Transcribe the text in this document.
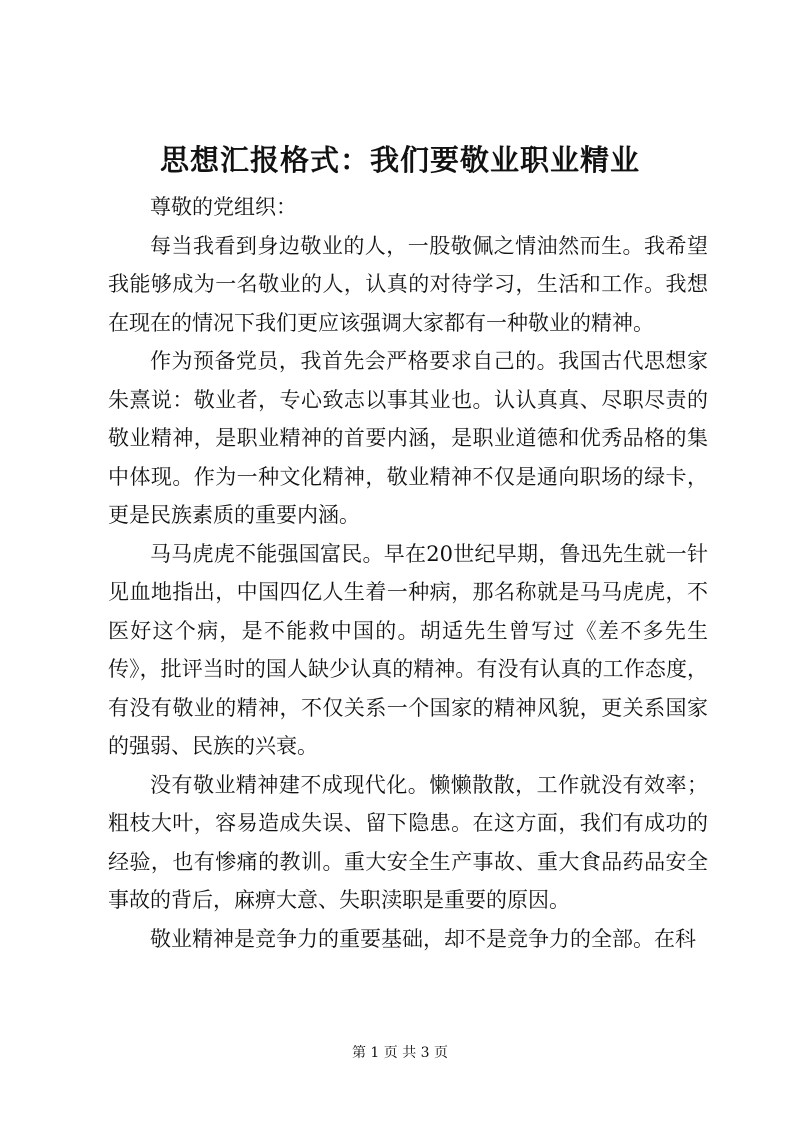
思想汇报格式：我们要敬业职业精业

尊敬的党组织：

每当我看到身边敬业的人，一股敬佩之情油然而生。我希望我能够成为一名敬业的人，认真的对待学习，生活和工作。我想在现在的情况下我们更应该强调大家都有一种敬业的精神。

作为预备党员，我首先会严格要求自己的。我国古代思想家朱熹说：敬业者，专心致志以事其业也。认认真真、尽职尽责的敬业精神，是职业精神的首要内涵，是职业道德和优秀品格的集中体现。作为一种文化精神，敬业精神不仅是通向职场的绿卡，更是民族素质的重要内涵。

马马虎虎不能强国富民。早在20世纪早期，鲁迅先生就一针见血地指出，中国四亿人生着一种病，那名称就是马马虎虎，不医好这个病，是不能救中国的。胡适先生曾写过《差不多先生传》，批评当时的国人缺少认真的精神。有没有认真的工作态度，有没有敬业的精神，不仅关系一个国家的精神风貌，更关系国家的强弱、民族的兴衰。

没有敬业精神建不成现代化。懒懒散散，工作就没有效率；粗枝大叶，容易造成失误、留下隐患。在这方面，我们有成功的经验，也有惨痛的教训。重大安全生产事故、重大食品药品安全事故的背后，麻痹大意、失职渎职是重要的原因。

敬业精神是竞争力的重要基础，却不是竞争力的全部。在科

第 1 页 共 3 页
